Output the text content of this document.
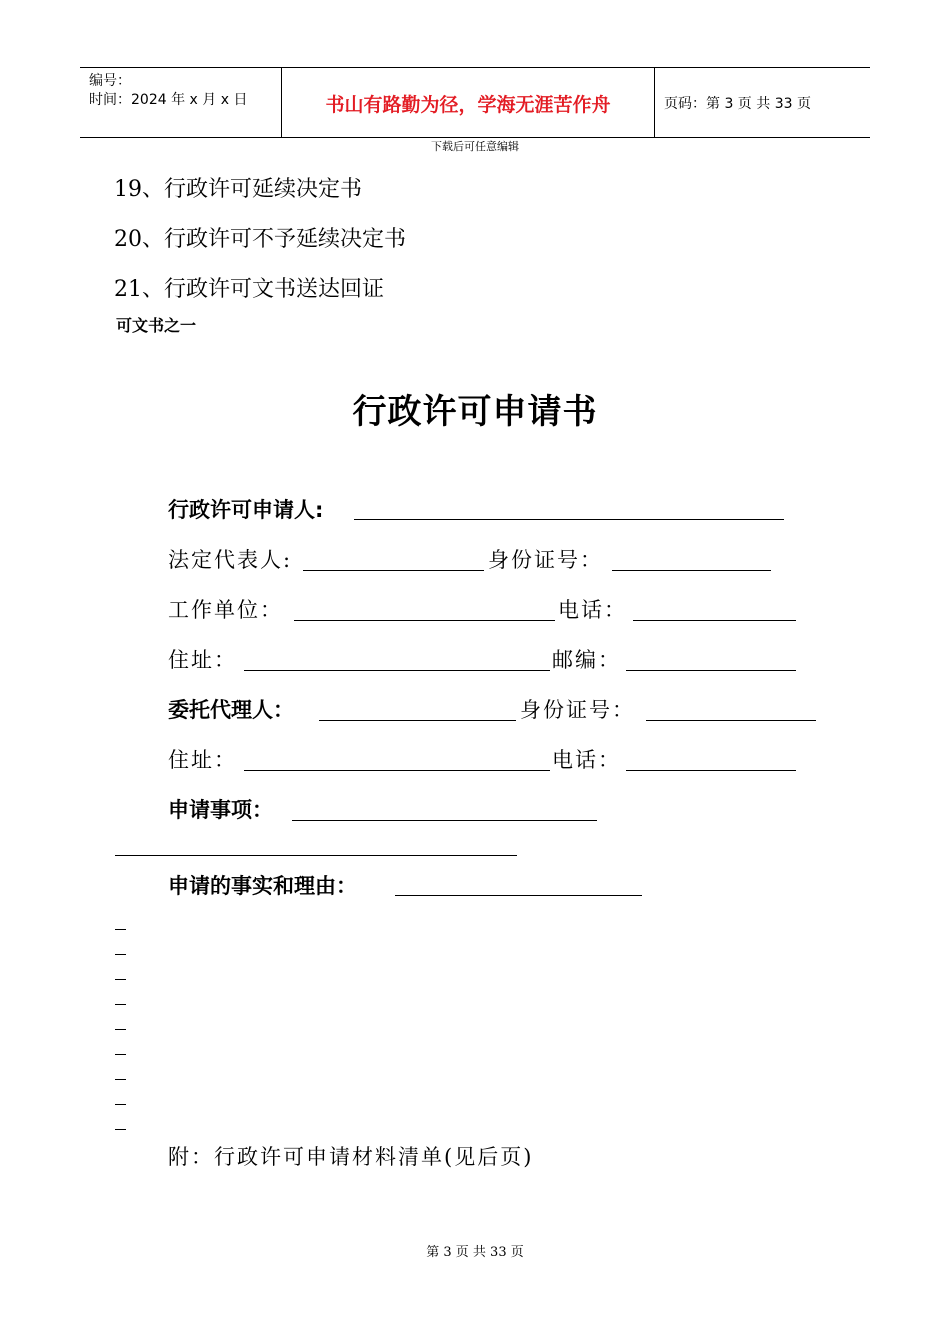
编号：
时间：2024 年 x 月 x 日	书山有路勤为径，学海无涯苦作舟	页码：第 3 页 共 33 页
下载后可任意编辑
19、行政许可延续决定书
20、行政许可不予延续决定书
21、行政许可文书送达回证
可文书之一
行政许可申请书
行政许可申请人:
法定代表人:	身份证号：
工作单位：	电话：
住址：	邮编：
委托代理人：	身份证号：
住址：	电话：
申请事项：
申请的事实和理由：
附：行政许可申请材料清单(见后页)
第 3 页 共 33 页
